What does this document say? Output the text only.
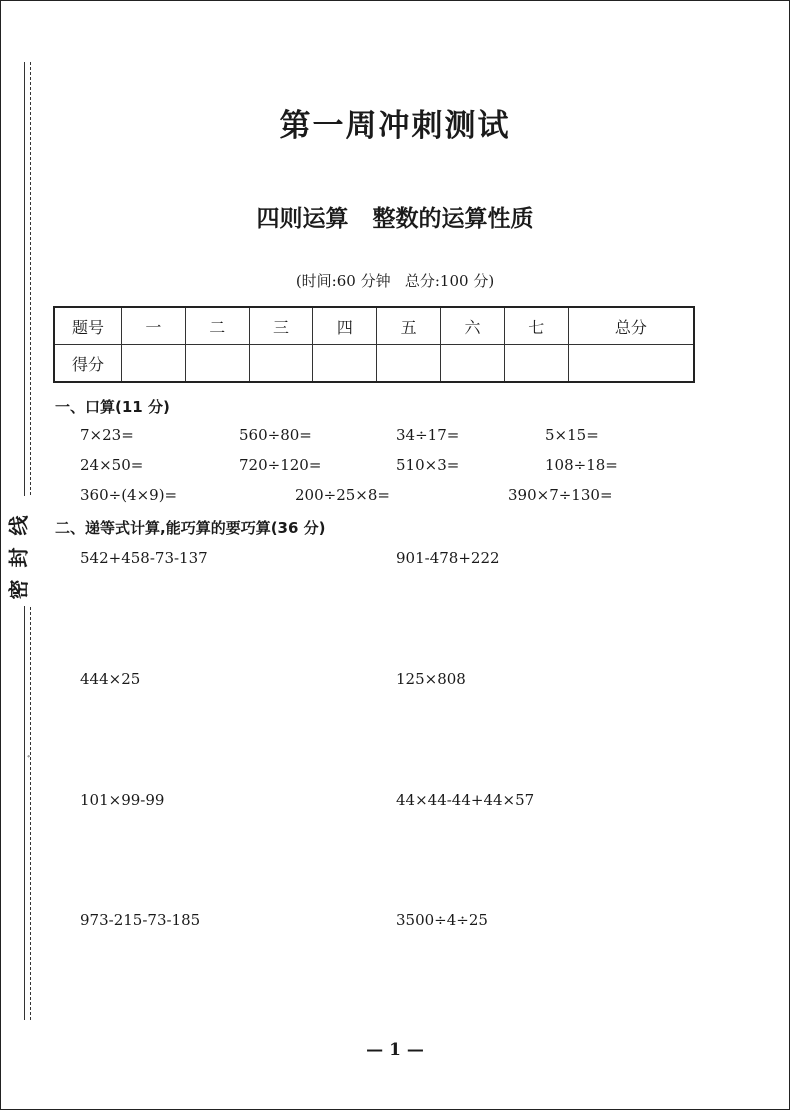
密封线
ﾞ
第一周冲刺测试
四则运算   整数的运算性质
(时间:60 分钟   总分:100 分)
题号	一	二	三	四	五	六	七	总分
得分								
一、口算(11 分)
7×23=	560÷80=	34÷17=	5×15=
24×50=	720÷120=	510×3=	108÷18=
360÷(4×9)=	200÷25×8=	390×7÷130=
二、递等式计算,能巧算的要巧算(36 分)
542+458-73-137	901-478+222
444×25	125×808
101×99-99	44×44-44+44×57
973-215-73-185	3500÷4÷25
— 1 —
